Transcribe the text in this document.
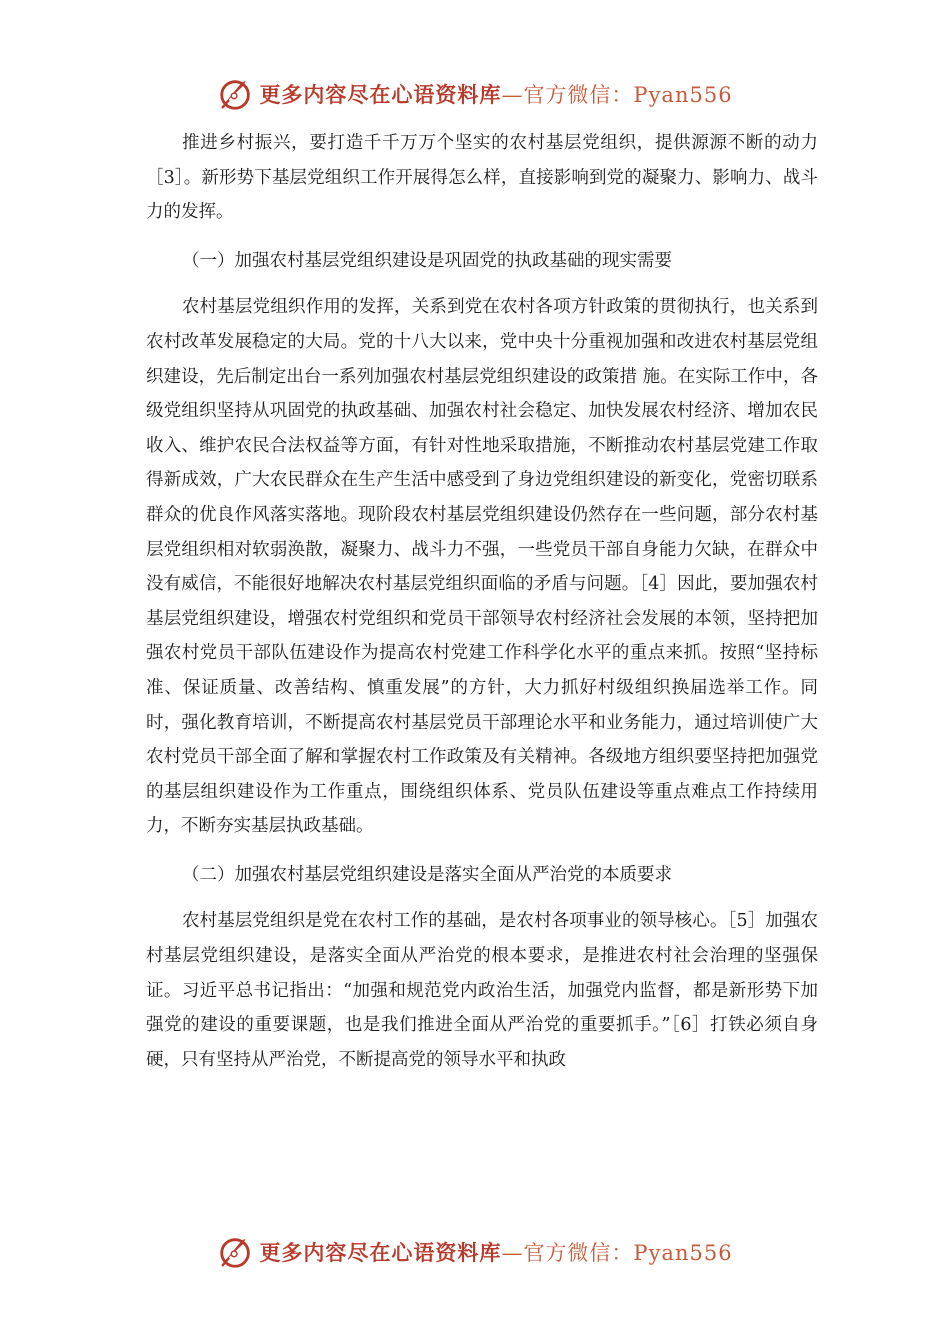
更多内容尽在心语资料库—官方微信：Pyan556

推进乡村振兴，要打造千千万万个坚实的农村基层党组织，提供源源不断的动力［3］。新形势下基层党组织工作开展得怎么样，直接影响到党的凝聚力、影响力、战斗力的发挥。

（一）加强农村基层党组织建设是巩固党的执政基础的现实需要

农村基层党组织作用的发挥，关系到党在农村各项方针政策的贯彻执行，也关系到农村改革发展稳定的大局。党的十八大以来，党中央十分重视加强和改进农村基层党组织建设，先后制定出台一系列加强农村基层党组织建设的政策措 施。在实际工作中，各级党组织坚持从巩固党的执政基础、加强农村社会稳定、加快发展农村经济、增加农民收入、维护农民合法权益等方面，有针对性地采取措施，不断推动农村基层党建工作取得新成效，广大农民群众在生产生活中感受到了身边党组织建设的新变化，党密切联系群众的优良作风落实落地。现阶段农村基层党组织建设仍然存在一些问题，部分农村基层党组织相对软弱涣散，凝聚力、战斗力不强，一些党员干部自身能力欠缺，在群众中没有威信，不能很好地解决农村基层党组织面临的矛盾与问题。［4］因此，要加强农村基层党组织建设，增强农村党组织和党员干部领导农村经济社会发展的本领，坚持把加强农村党员干部队伍建设作为提高农村党建工作科学化水平的重点来抓。按照“坚持标准、保证质量、改善结构、慎重发展”的方针，大力抓好村级组织换届选举工作。同时，强化教育培训，不断提高农村基层党员干部理论水平和业务能力，通过培训使广大农村党员干部全面了解和掌握农村工作政策及有关精神。各级地方组织要坚持把加强党的基层组织建设作为工作重点，围绕组织体系、党员队伍建设等重点难点工作持续用力，不断夯实基层执政基础。

（二）加强农村基层党组织建设是落实全面从严治党的本质要求

农村基层党组织是党在农村工作的基础，是农村各项事业的领导核心。［5］加强农村基层党组织建设，是落实全面从严治党的根本要求，是推进农村社会治理的坚强保证。习近平总书记指出：“加强和规范党内政治生活，加强党内监督，都是新形势下加强党的建设的重要课题，也是我们推进全面从严治党的重要抓手。”［6］打铁必须自身硬，只有坚持从严治党，不断提高党的领导水平和执政

更多内容尽在心语资料库—官方微信：Pyan556
